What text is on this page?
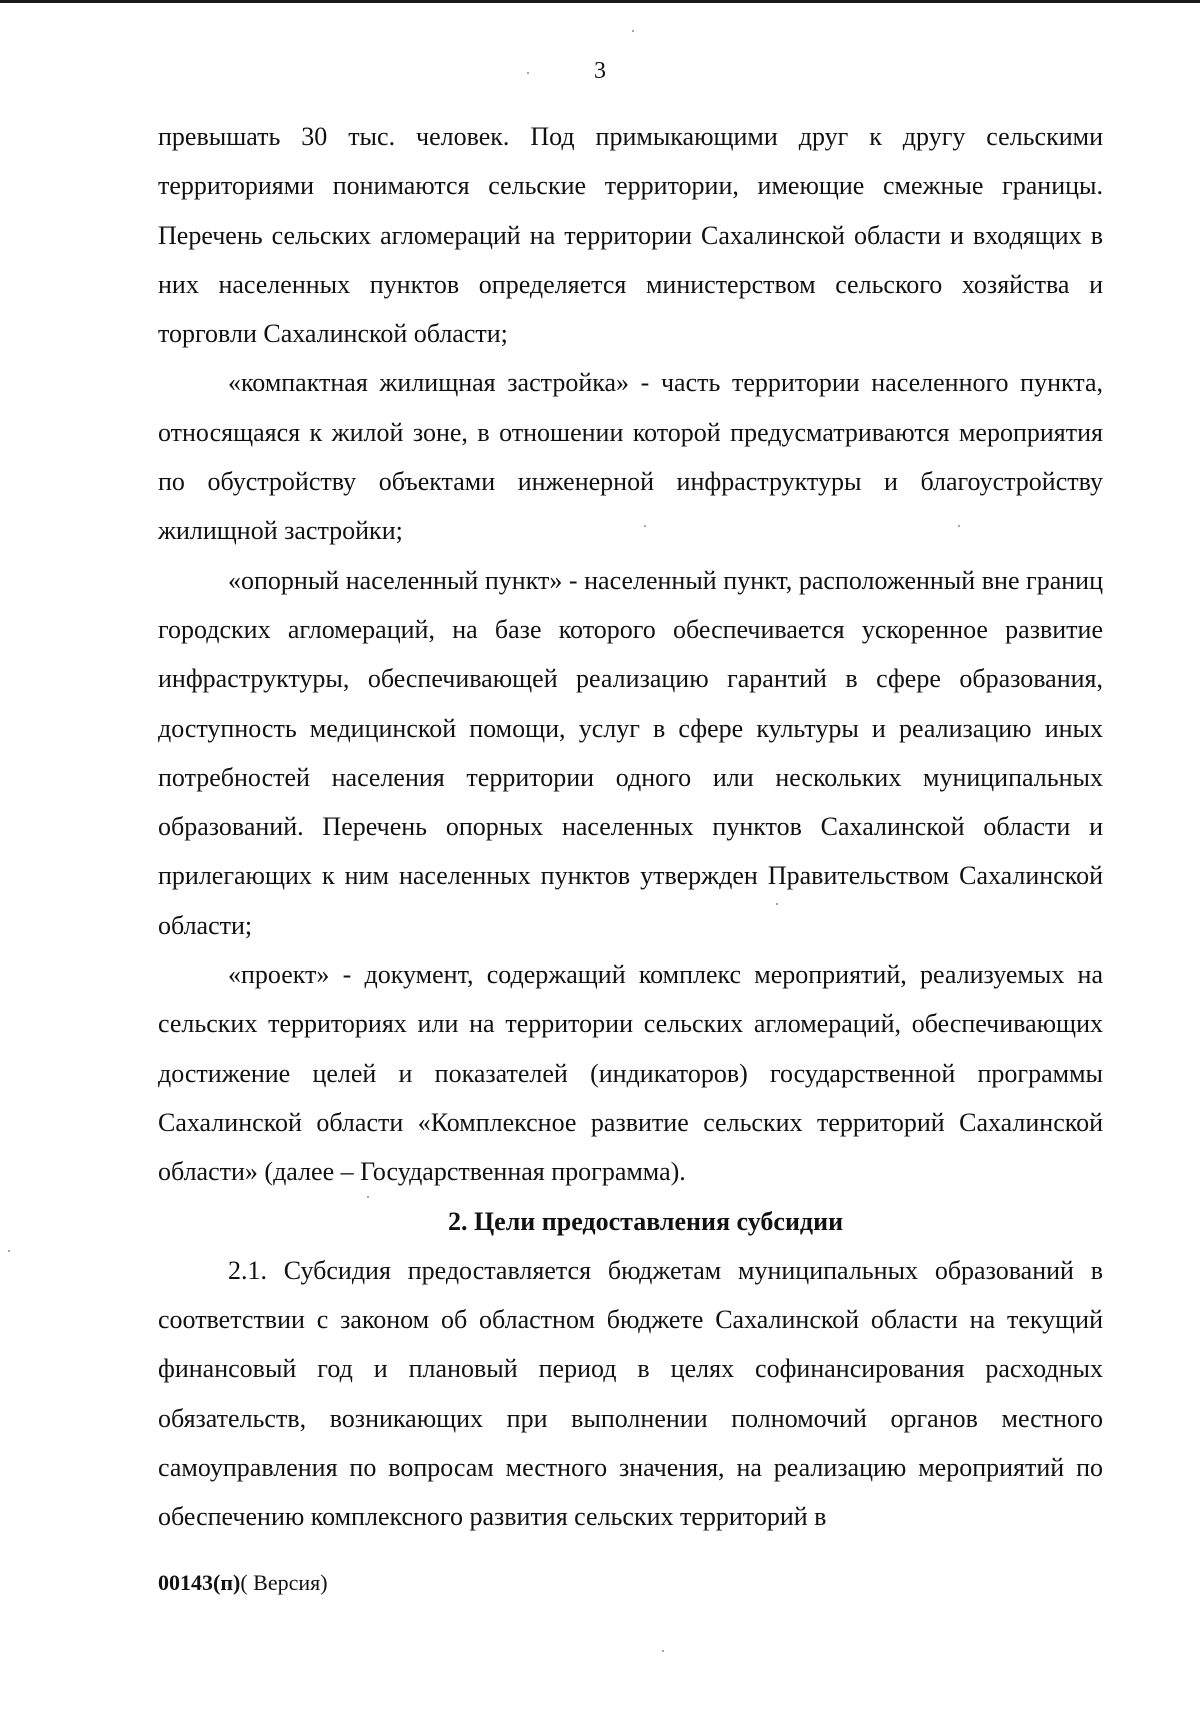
3

превышать 30 тыс. человек. Под примыкающими друг к другу сельскими территориями понимаются сельские территории, имеющие смежные границы. Перечень сельских агломераций на территории Сахалинской области и входящих в них населенных пунктов определяется министерством сельского хозяйства и торговли Сахалинской области;

«компактная жилищная застройка» - часть территории населенного пункта, относящаяся к жилой зоне, в отношении которой предусматриваются мероприятия по обустройству объектами инженерной инфраструктуры и благоустройству жилищной застройки;

«опорный населенный пункт» - населенный пункт, расположенный вне границ городских агломераций, на базе которого обеспечивается ускоренное развитие инфраструктуры, обеспечивающей реализацию гарантий в сфере образования, доступность медицинской помощи, услуг в сфере культуры и реализацию иных потребностей населения территории одного или нескольких муниципальных образований. Перечень опорных населенных пунктов Сахалинской области и прилегающих к ним населенных пунктов утвержден Правительством Сахалинской области;

«проект» - документ, содержащий комплекс мероприятий, реализуемых на сельских территориях или на территории сельских агломераций, обеспечивающих достижение целей и показателей (индикаторов) государственной программы Сахалинской области «Комплексное развитие сельских территорий Сахалинской области» (далее – Государственная программа).

2. Цели предоставления субсидии

2.1. Субсидия предоставляется бюджетам муниципальных образований в соответствии с законом об областном бюджете Сахалинской области на текущий финансовый год и плановый период в целях софинансирования расходных обязательств, возникающих при выполнении полномочий органов местного самоуправления по вопросам местного значения, на реализацию мероприятий по обеспечению комплексного развития сельских территорий в

00143(п)( Версия)
